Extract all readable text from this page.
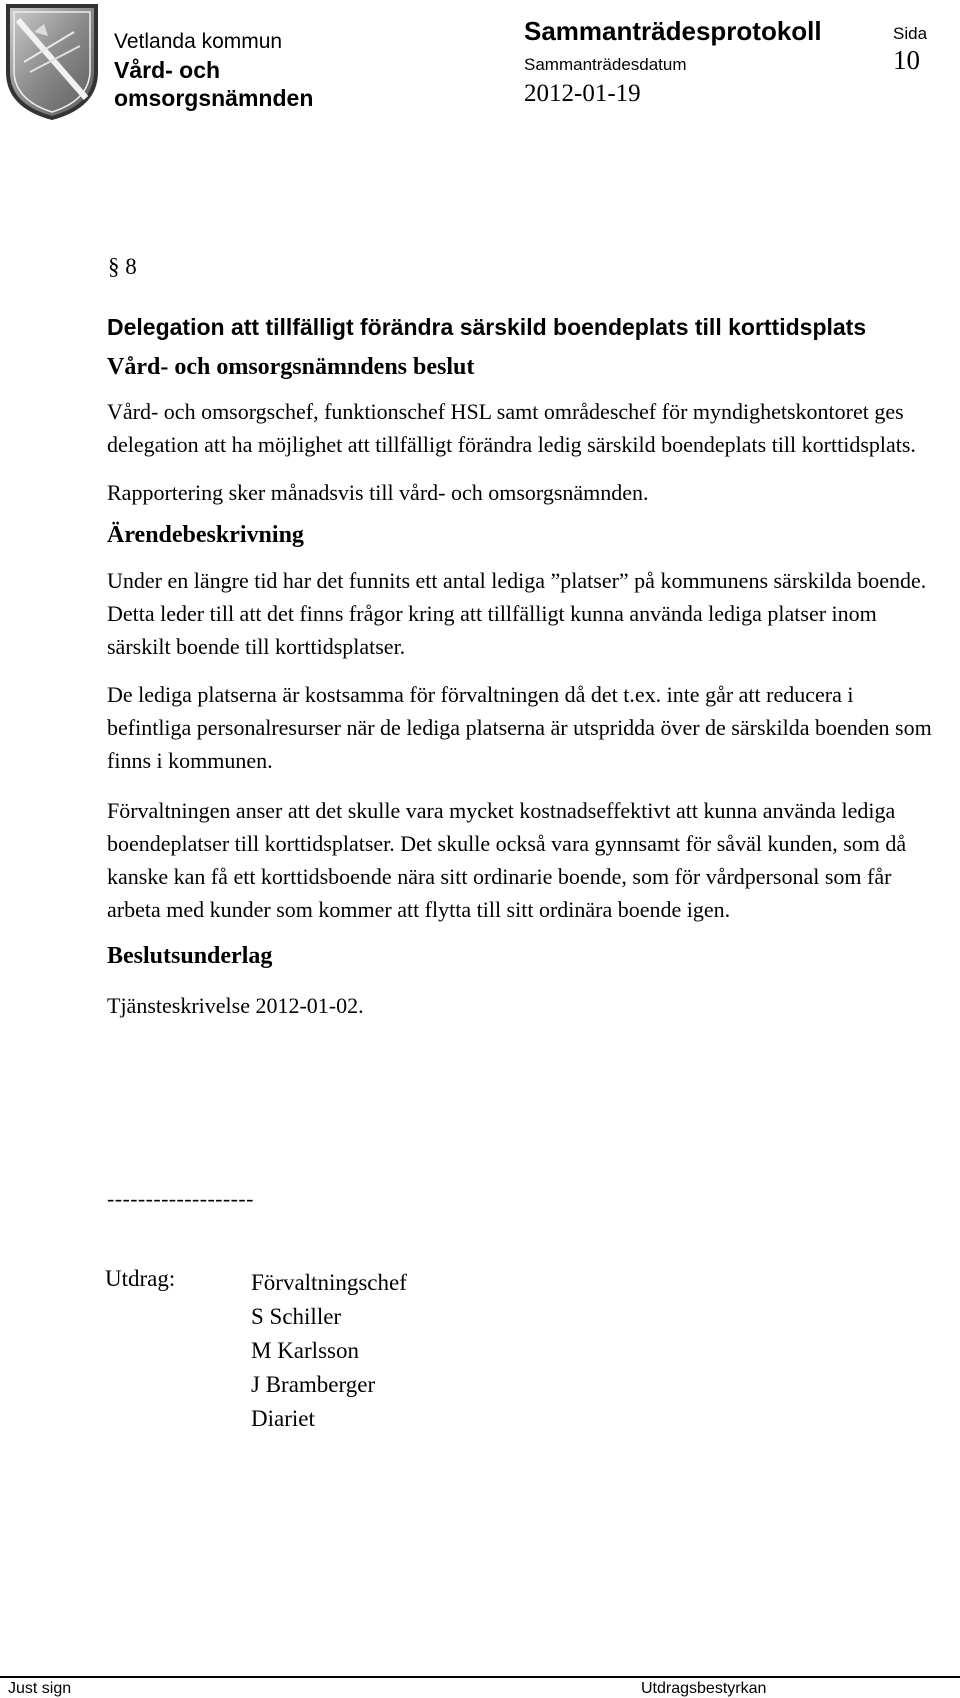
Vetlanda kommun
Vård- och
omsorgsnämnden
Sammanträdesprotokoll
Sammanträdesdatum
2012-01-19
Sida
10
§ 8

Delegation att tillfälligt förändra särskild boendeplats till korttidsplats

Vård- och omsorgsnämndens beslut

Vård- och omsorgschef, funktionschef HSL samt områdeschef för myndighetskontoret ges delegation att ha möjlighet att tillfälligt förändra ledig särskild boendeplats till korttidsplats.

Rapportering sker månadsvis till vård- och omsorgsnämnden.

Ärendebeskrivning

Under en längre tid har det funnits ett antal lediga ”platser” på kommunens särskilda boende. Detta leder till att det finns frågor kring att tillfälligt kunna använda lediga platser inom särskilt boende till korttidsplatser.

De lediga platserna är kostsamma för förvaltningen då det t.ex. inte går att reducera i befintliga personalresurser när de lediga platserna är utspridda över de särskilda boenden som finns i kommunen.

Förvaltningen anser att det skulle vara mycket kostnadseffektivt att kunna använda lediga boendeplatser till korttidsplatser. Det skulle också vara gynnsamt för såväl kunden, som då kanske kan få ett korttidsboende nära sitt ordinarie boende, som för vårdpersonal som får arbeta med kunder som kommer att flytta till sitt ordinära boende igen.

Beslutsunderlag

Tjänsteskrivelse 2012-01-02.

-------------------
Utdrag:	Förvaltningschef
S Schiller
M Karlsson
J Bramberger
Diariet
Just sign	Utdragsbestyrkan
